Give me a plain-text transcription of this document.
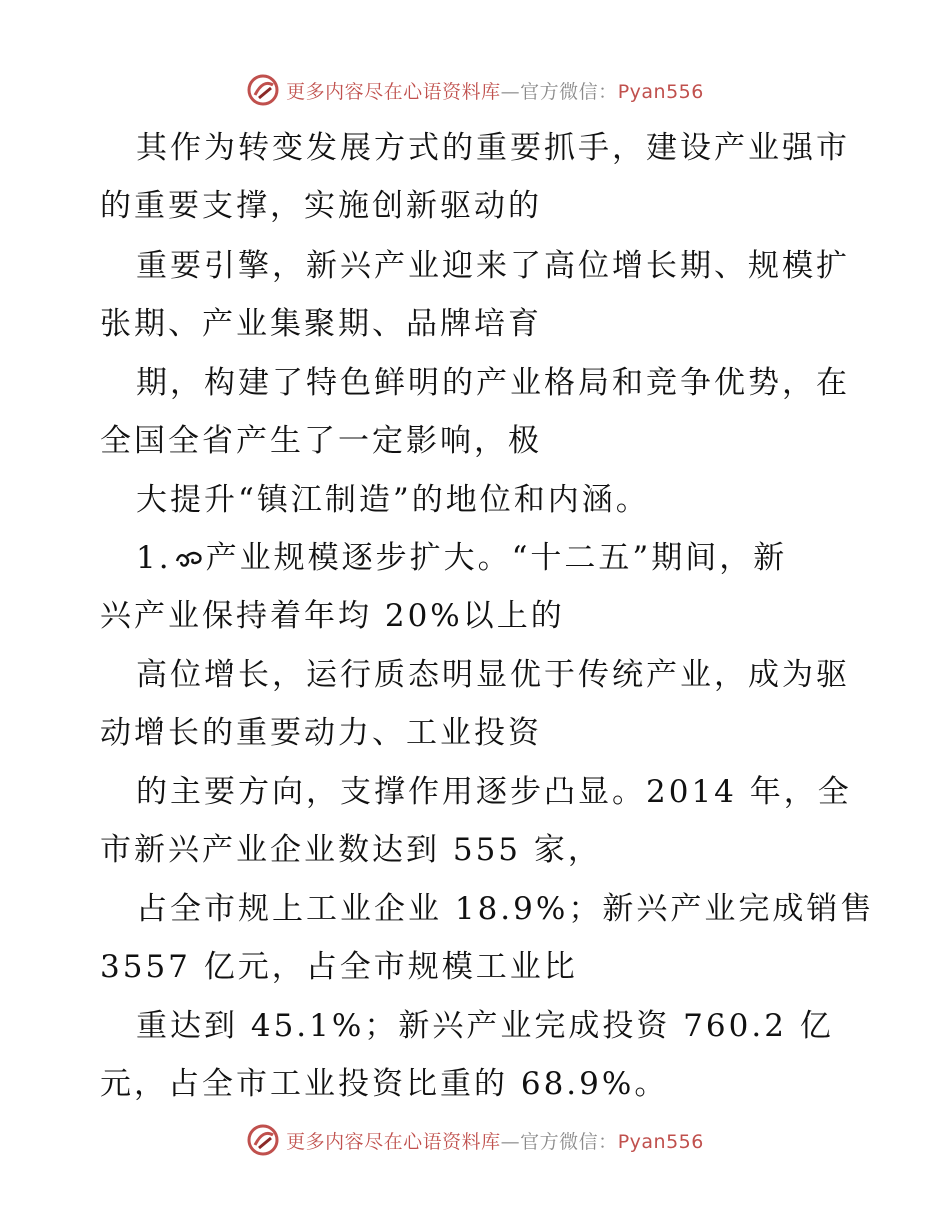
更多内容尽在心语资料库—官方微信：Pyan556
其作为转变发展方式的重要抓手，建设产业强市
的重要支撑，实施创新驱动的
重要引擎，新兴产业迎来了高位增长期、规模扩
张期、产业集聚期、品牌培育
期，构建了特色鲜明的产业格局和竞争优势，在
全国全省产生了一定影响，极
大提升“镇江制造”的地位和内涵。
1. 产业规模逐步扩大。“十二五”期间，新
兴产业保持着年均 20%以上的
高位增长，运行质态明显优于传统产业，成为驱
动增长的重要动力、工业投资
的主要方向，支撑作用逐步凸显。2014 年，全
市新兴产业企业数达到 555 家，
占全市规上工业企业 18.9%；新兴产业完成销售
3557 亿元，占全市规模工业比
重达到 45.1%；新兴产业完成投资 760.2 亿
元，占全市工业投资比重的 68.9%。
更多内容尽在心语资料库—官方微信：Pyan556
